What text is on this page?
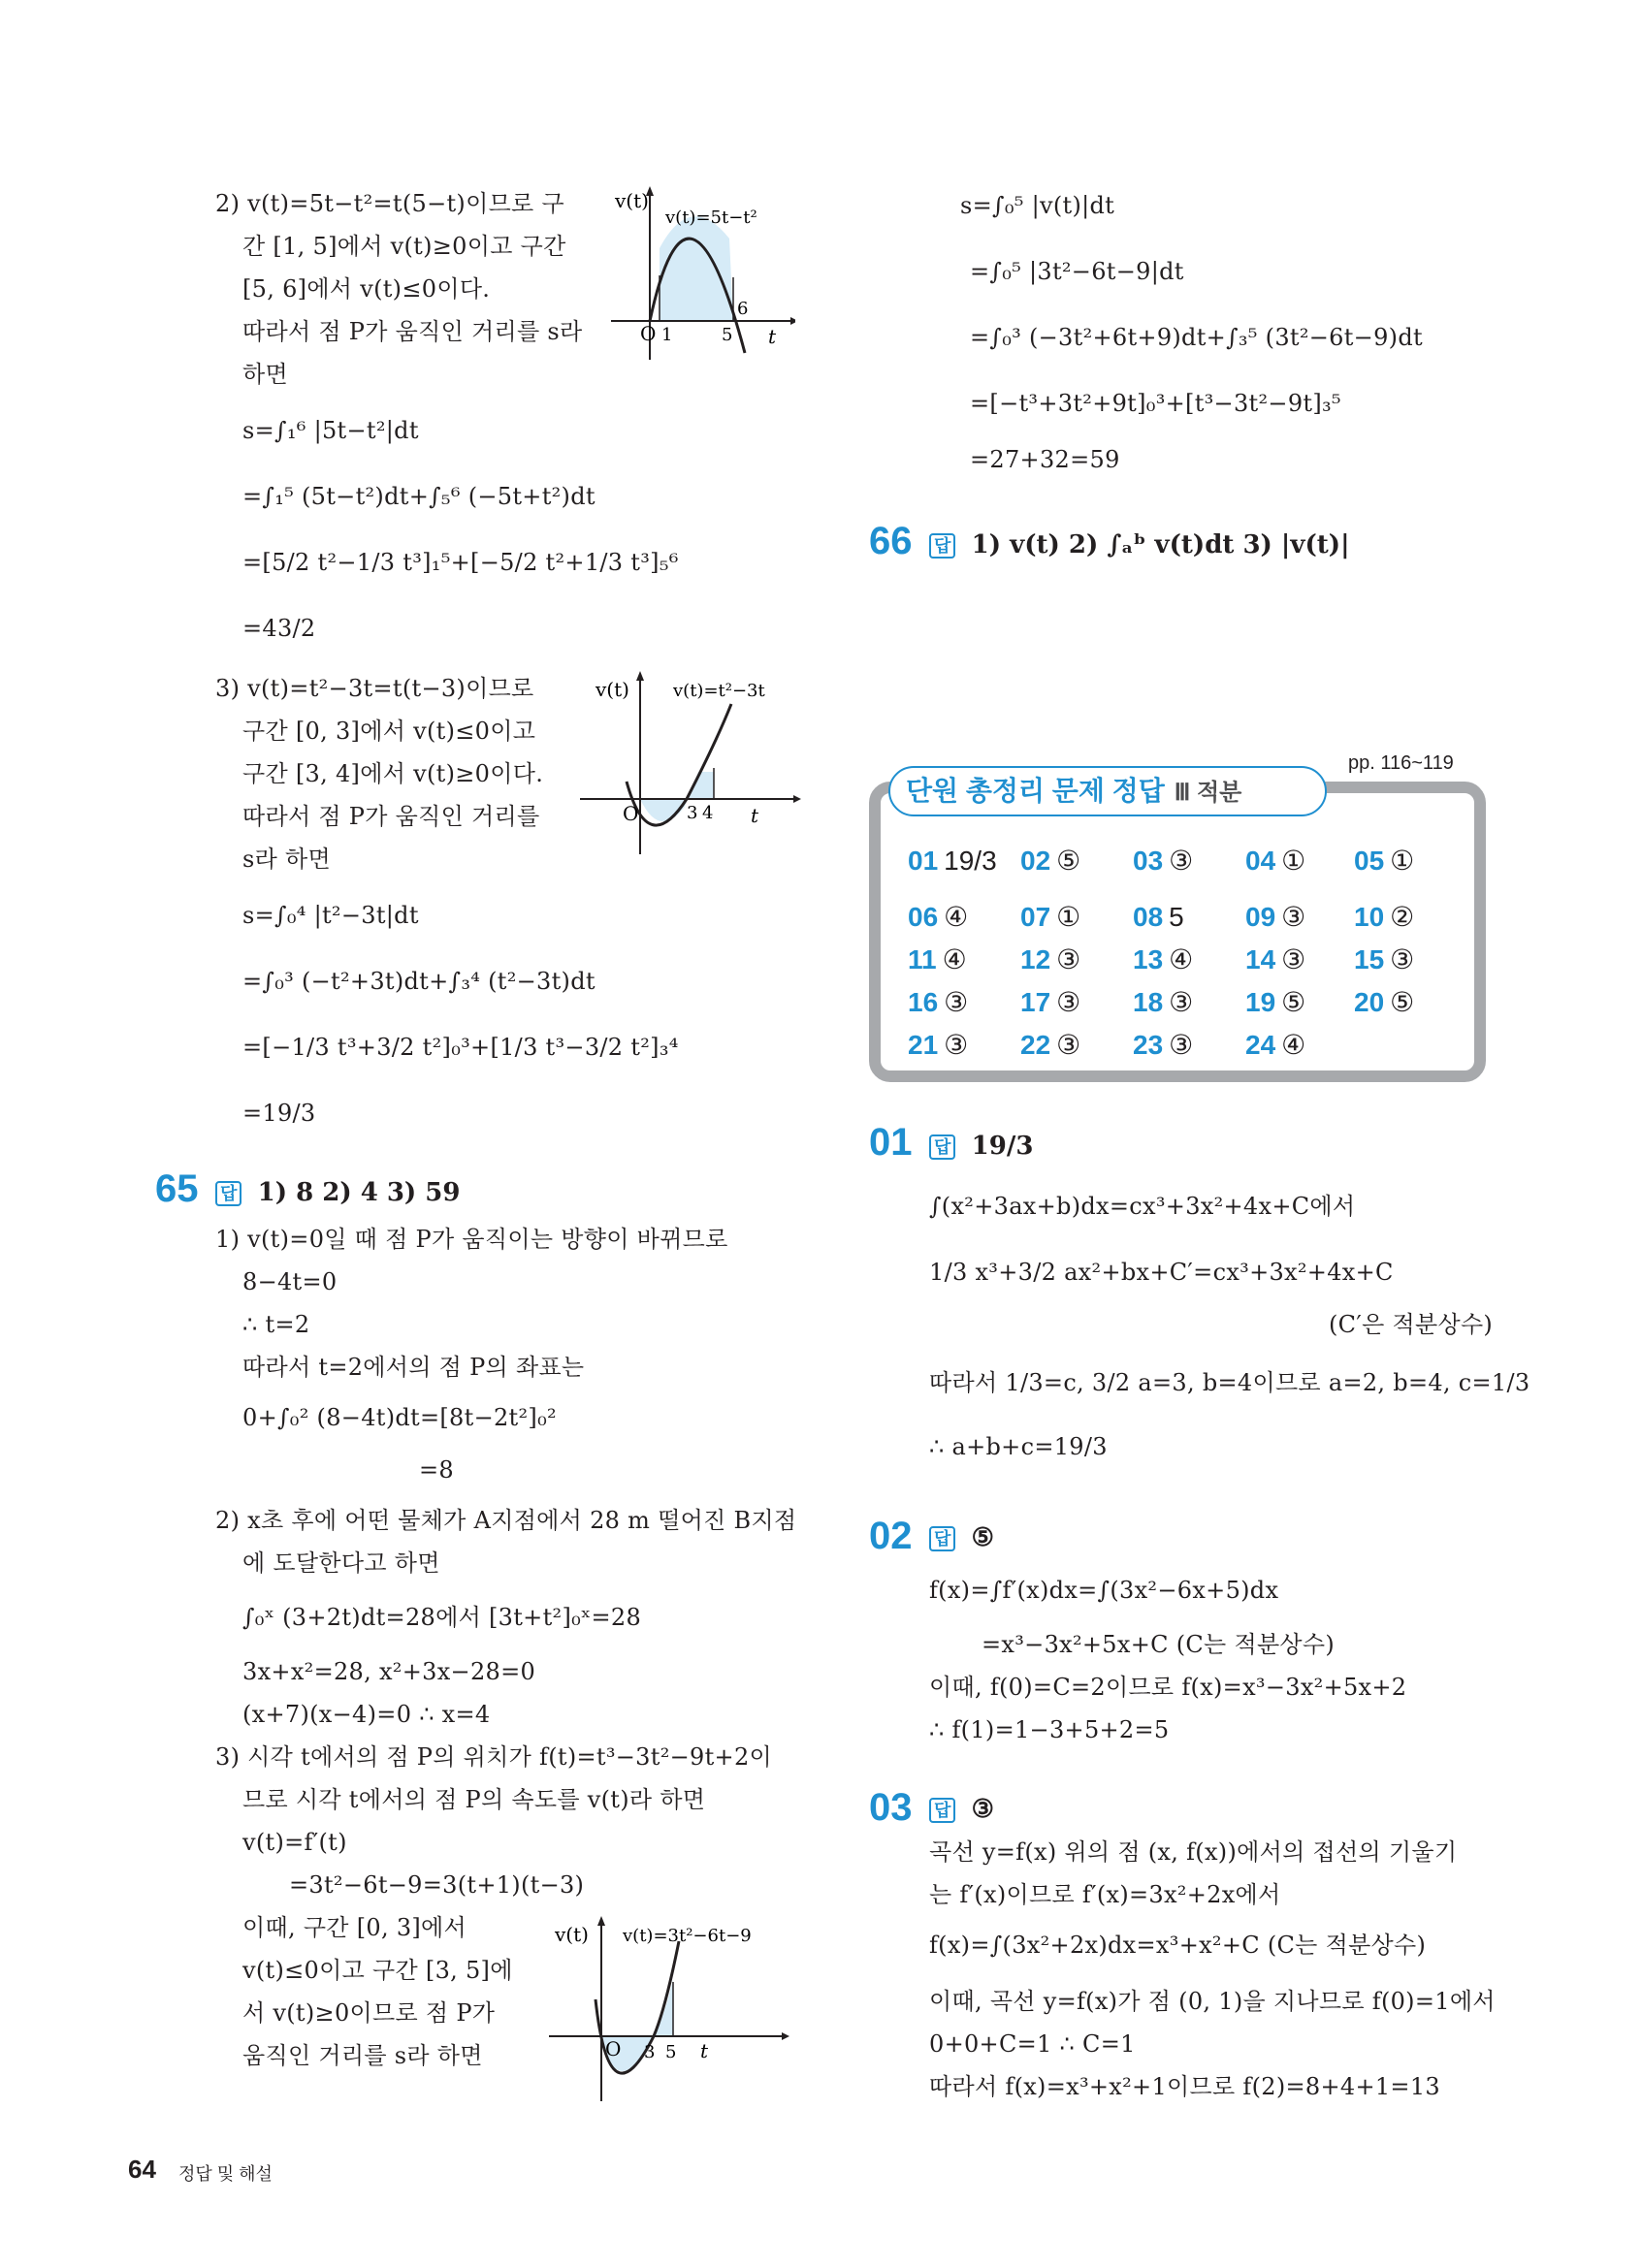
2) v(t)=5t−t²=t(5−t)이므로 구
간 [1, 5]에서 v(t)≥0이고 구간
[5, 6]에서 v(t)≤0이다.
따라서 점 P가 움직인 거리를 s라
하면
s=∫₁⁶ |5t−t²|dt
=∫₁⁵ (5t−t²)dt+∫₅⁶ (−5t+t²)dt
=[5/2 t²−1/3 t³]₁⁵+[−5/2 t²+1/3 t³]₅⁶
=43/2
v(t)
v(t)=5t−t²
O 1	5
6
t
3) v(t)=t²−3t=t(t−3)이므로
구간 [0, 3]에서 v(t)≤0이고
구간 [3, 4]에서 v(t)≥0이다.
따라서 점 P가 움직인 거리를
s라 하면
s=∫₀⁴ |t²−3t|dt
=∫₀³ (−t²+3t)dt+∫₃⁴ (t²−3t)dt
=[−1/3 t³+3/2 t²]₀³+[1/3 t³−3/2 t²]₃⁴
=19/3
v(t)	v(t)=t²−3t
O	3 4 t
65 답 1) 8 2) 4 3) 59
1) v(t)=0일 때 점 P가 움직이는 방향이 바뀌므로
8−4t=0
∴ t=2
따라서 t=2에서의 점 P의 좌표는
0+∫₀² (8−4t)dt=[8t−2t²]₀²
=8
2) x초 후에 어떤 물체가 A지점에서 28 m 떨어진 B지점
에 도달한다고 하면
∫₀ˣ (3+2t)dt=28에서 [3t+t²]₀ˣ=28
3x+x²=28, x²+3x−28=0
(x+7)(x−4)=0 ∴ x=4
3) 시각 t에서의 점 P의 위치가 f(t)=t³−3t²−9t+2이
므로 시각 t에서의 점 P의 속도를 v(t)라 하면
v(t)=f′(t)
=3t²−6t−9=3(t+1)(t−3)
이때, 구간 [0, 3]에서
v(t)≤0이고 구간 [3, 5]에
서 v(t)≥0이므로 점 P가
움직인 거리를 s라 하면
v(t) v(t)=3t²−6t−9
O 3 5 t
s=∫₀⁵ |v(t)|dt
=∫₀⁵ |3t²−6t−9|dt
=∫₀³ (−3t²+6t+9)dt+∫₃⁵ (3t²−6t−9)dt
=[−t³+3t²+9t]₀³+[t³−3t²−9t]₃⁵
=27+32=59
66 답 1) v(t) 2) ∫ₐᵇ v(t)dt 3) |v(t)|
pp. 116~119
단원 총정리 문제 정답 Ⅲ 적분
01 19/3 02 ⑤ 03 ③ 04 ① 05 ①
06 ④ 07 ① 08 5 09 ③ 10 ②
11 ④ 12 ③ 13 ④ 14 ③ 15 ③
16 ③ 17 ③ 18 ③ 19 ⑤ 20 ⑤
21 ③ 22 ③ 23 ③ 24 ④
01 답 19/3
∫(x²+3ax+b)dx=cx³+3x²+4x+C에서
1/3 x³+3/2 ax²+bx+C′=cx³+3x²+4x+C
(C′은 적분상수)
따라서 1/3=c, 3/2 a=3, b=4이므로 a=2, b=4, c=1/3
∴ a+b+c=19/3
02 답 ⑤
f(x)=∫f′(x)dx=∫(3x²−6x+5)dx
=x³−3x²+5x+C (C는 적분상수)
이때, f(0)=C=2이므로 f(x)=x³−3x²+5x+2
∴ f(1)=1−3+5+2=5
03 답 ③
곡선 y=f(x) 위의 점 (x, f(x))에서의 접선의 기울기
는 f′(x)이므로 f′(x)=3x²+2x에서
f(x)=∫(3x²+2x)dx=x³+x²+C (C는 적분상수)
이때, 곡선 y=f(x)가 점 (0, 1)을 지나므로 f(0)=1에서
0+0+C=1 ∴ C=1
따라서 f(x)=x³+x²+1이므로 f(2)=8+4+1=13
64 정답 및 해설
